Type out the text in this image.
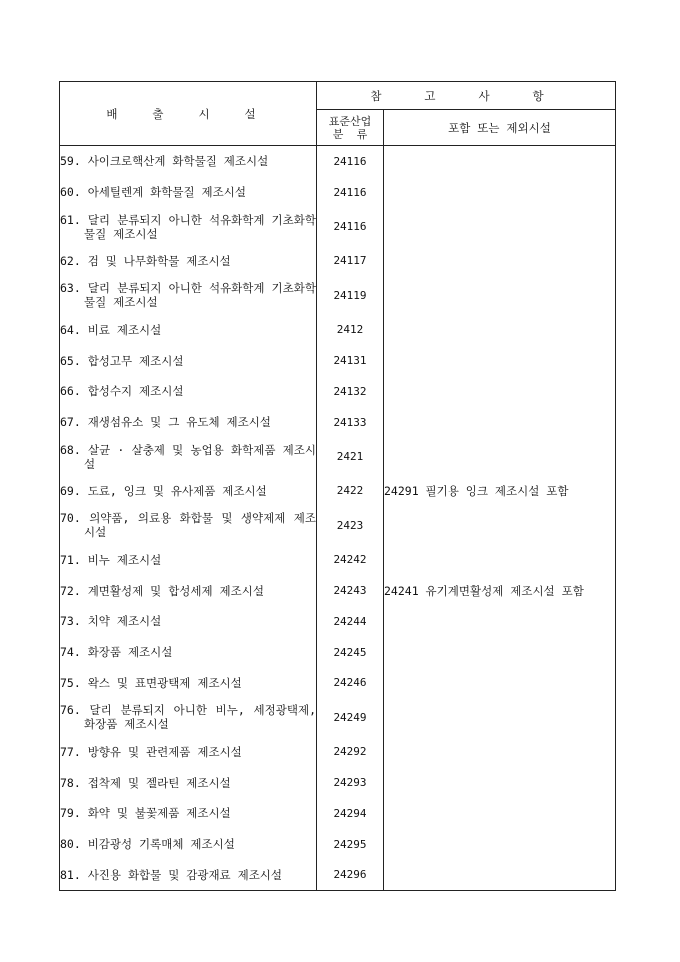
배 출 시 설	참 고 사 항	

	표준산업
분  류	포함 또는 제외시설

59. 사이크로핵산계 화학물질 제조시설	24116	

60. 아세틸렌계 화학물질 제조시설	24116	

61. 달리 분류되지 아니한 석유화학계 기초화학물질 제조시설	24116	

62. 검 및 나무화학물 제조시설	24117	

63. 달리 분류되지 아니한 석유화학계 기초화학물질 제조시설	24119	

64. 비료 제조시설	2412	

65. 합성고무 제조시설	24131	

66. 합성수지 제조시설	24132	

67. 재생섬유소 및 그 유도체 제조시설	24133	

68. 살균 · 살충제 및 농업용 화학제품 제조시설	2421	

69. 도료, 잉크 및 유사제품 제조시설	2422	24291 필기용 잉크 제조시설 포함

70. 의약품, 의료용 화합물 및 생약제제 제조시설	2423	

71. 비누 제조시설	24242	

72. 계면활성제 및 합성세제 제조시설	24243	24241 유기계면활성제 제조시설 포함

73. 치약 제조시설	24244	

74. 화장품 제조시설	24245	

75. 왁스 및 표면광택제 제조시설	24246	

76. 달리 분류되지 아니한 비누, 세정광택제, 화장품 제조시설	24249	

77. 방향유 및 관련제품 제조시설	24292	

78. 접착제 및 젤라틴 제조시설	24293	

79. 화약 및 불꽃제품 제조시설	24294	

80. 비감광성 기록매체 제조시설	24295	

81. 사진용 화합물 및 감광재료 제조시설	24296	
